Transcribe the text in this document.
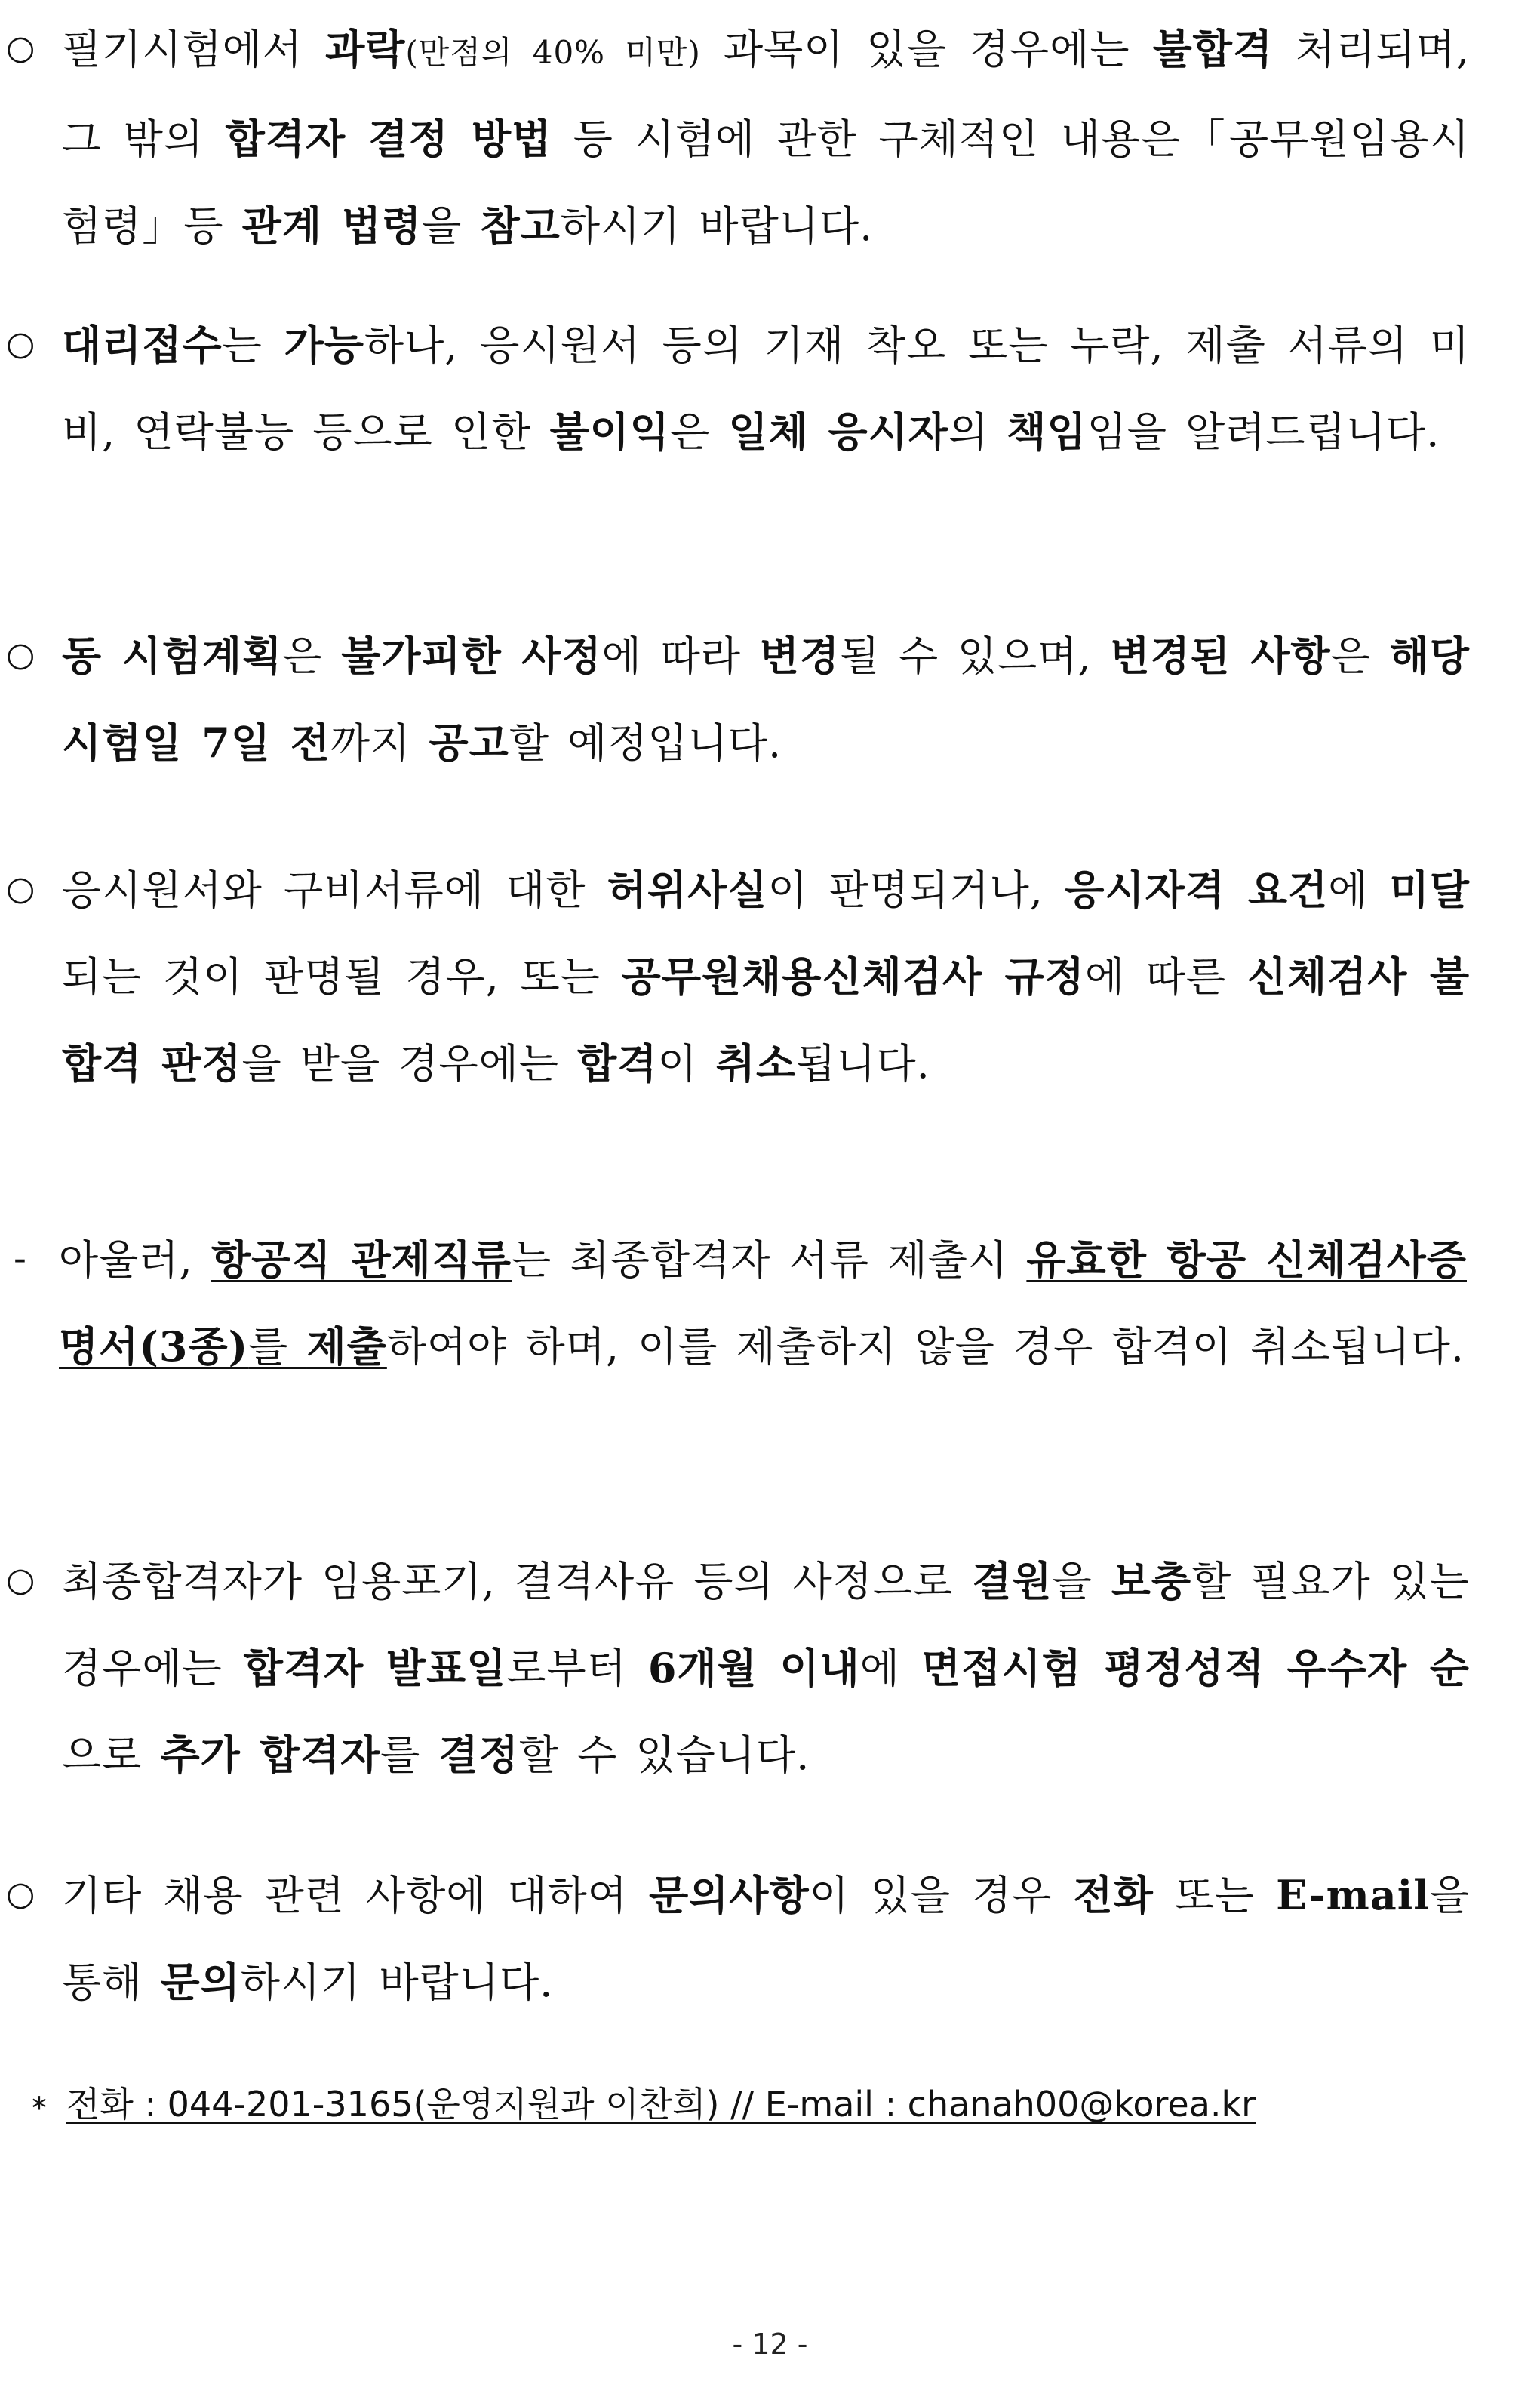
○ 필기시험에서 과락(만점의 40% 미만) 과목이 있을 경우에는 불합격 처리되며, 그 밖의 합격자 결정 방법 등 시험에 관한 구체적인 내용은「공무원임용시험령」등 관계 법령을 참고하시기 바랍니다.
○ 대리접수는 가능하나, 응시원서 등의 기재 착오 또는 누락, 제출 서류의 미비, 연락불능 등으로 인한 불이익은 일체 응시자의 책임임을 알려드립니다.
○ 동 시험계획은 불가피한 사정에 따라 변경될 수 있으며, 변경된 사항은 해당 시험일 7일 전까지 공고할 예정입니다.
○ 응시원서와 구비서류에 대한 허위사실이 판명되거나, 응시자격 요건에 미달되는 것이 판명될 경우, 또는 공무원채용신체검사 규정에 따른 신체검사 불합격 판정을 받을 경우에는 합격이 취소됩니다.
- 아울러, 항공직 관제직류는 최종합격자 서류 제출시 유효한 항공 신체검사증명서(3종)를 제출하여야 하며, 이를 제출하지 않을 경우 합격이 취소됩니다.
○ 최종합격자가 임용포기, 결격사유 등의 사정으로 결원을 보충할 필요가 있는 경우에는 합격자 발표일로부터 6개월 이내에 면접시험 평정성적 우수자 순으로 추가 합격자를 결정할 수 있습니다.
○ 기타 채용 관련 사항에 대하여 문의사항이 있을 경우 전화 또는 E-mail을 통해 문의하시기 바랍니다.
* 전화 : 044-201-3165(운영지원과 이찬희) // E-mail : chanah00@korea.kr
- 12 -
